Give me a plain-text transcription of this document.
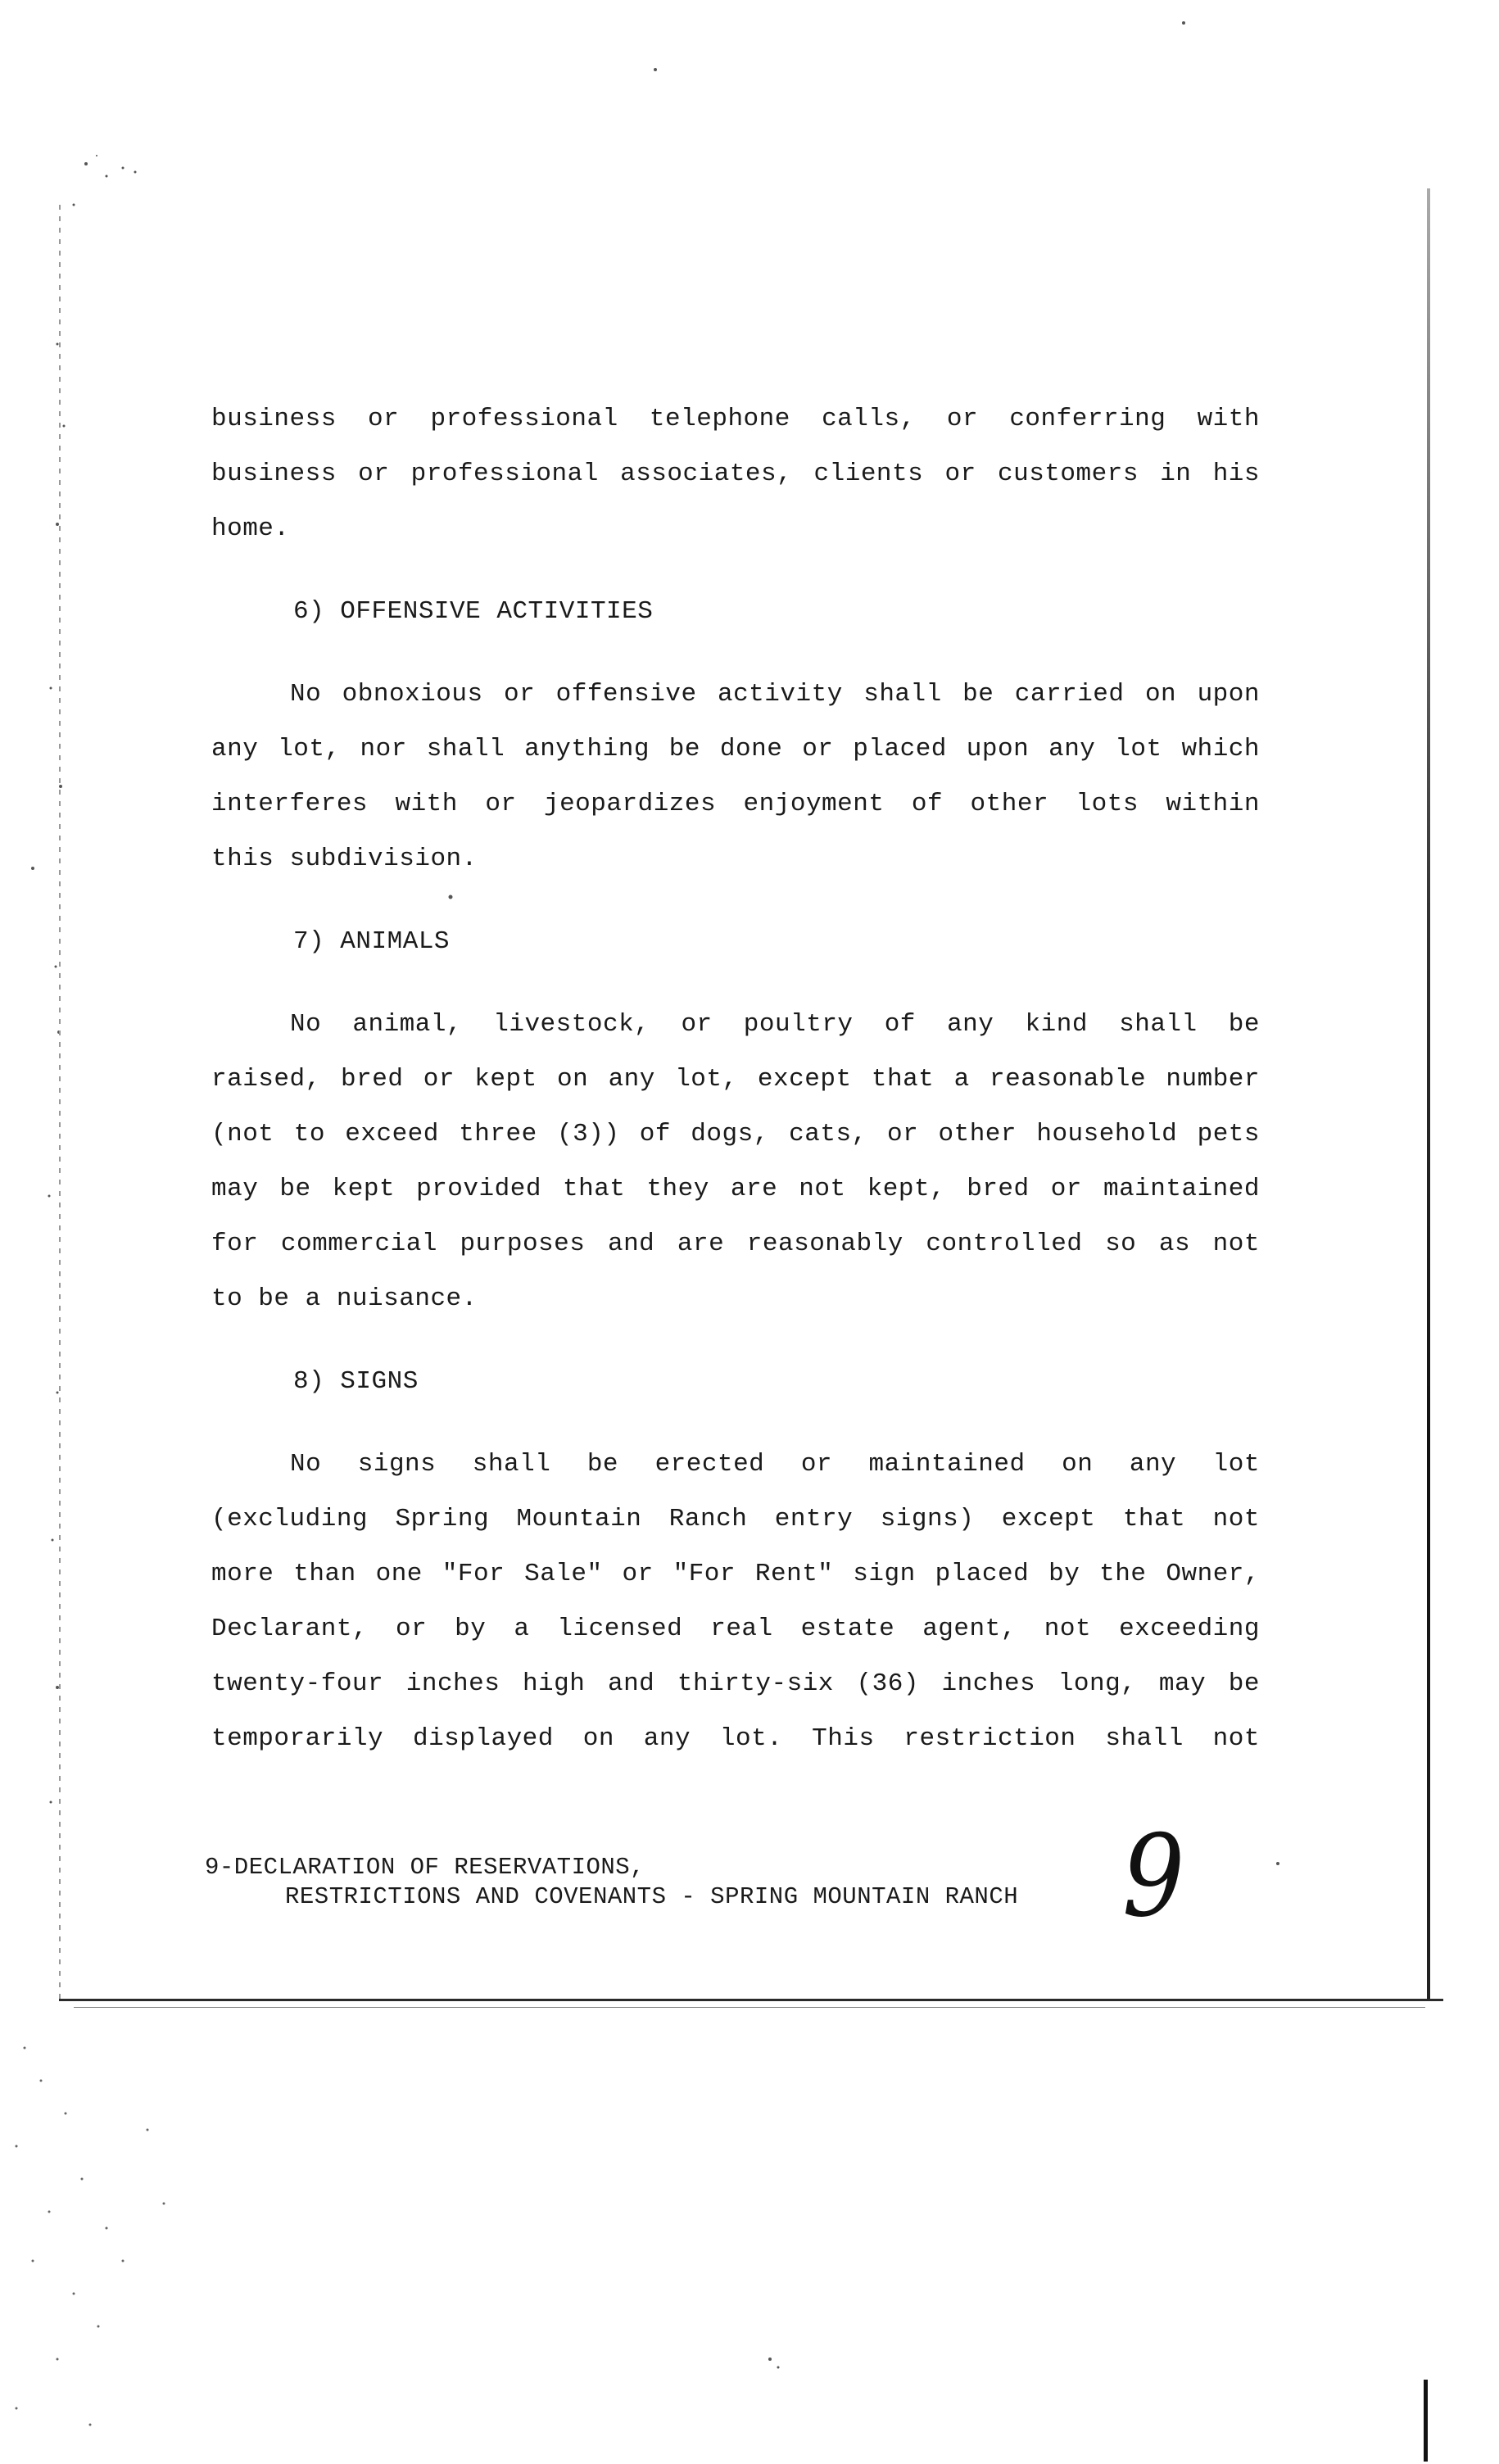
business or professional telephone calls, or conferring with
business or professional associates, clients or customers in his
home.
6) OFFENSIVE ACTIVITIES
No obnoxious or offensive activity shall be carried on upon
any lot, nor shall anything be done or placed upon any lot which
interferes with or jeopardizes enjoyment of other lots within
this subdivision.
7) ANIMALS
No animal, livestock, or poultry of any kind shall be
raised, bred or kept on any lot, except that a reasonable number
(not to exceed three (3)) of dogs, cats, or other household pets
may be kept provided that they are not kept, bred or maintained
for commercial purposes and are reasonably controlled so as not
to be a nuisance.
8) SIGNS
No signs shall be erected or maintained on any lot
(excluding Spring Mountain Ranch entry signs) except that not
more than one "For Sale" or "For Rent" sign placed by the Owner,
Declarant, or by a licensed real estate agent, not exceeding
twenty-four inches high and thirty-six (36) inches long, may be
temporarily displayed on any lot. This restriction shall not
9-DECLARATION OF RESERVATIONS,
RESTRICTIONS AND COVENANTS - SPRING MOUNTAIN RANCH 9
